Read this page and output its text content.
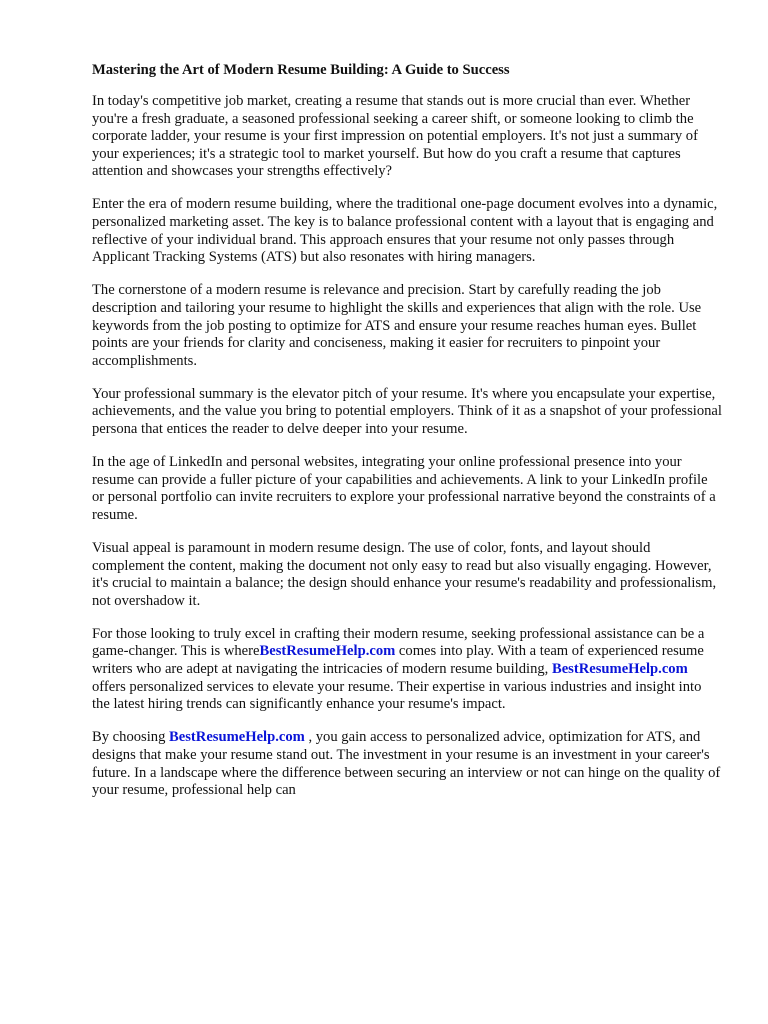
Mastering the Art of Modern Resume Building: A Guide to Success

In today's competitive job market, creating a resume that stands out is more crucial than ever. Whether you're a fresh graduate, a seasoned professional seeking a career shift, or someone looking to climb the corporate ladder, your resume is your first impression on potential employers. It's not just a summary of your experiences; it's a strategic tool to market yourself. But how do you craft a resume that captures attention and showcases your strengths effectively?

Enter the era of modern resume building, where the traditional one-page document evolves into a dynamic, personalized marketing asset. The key is to balance professional content with a layout that is engaging and reflective of your individual brand. This approach ensures that your resume not only passes through Applicant Tracking Systems (ATS) but also resonates with hiring managers.

The cornerstone of a modern resume is relevance and precision. Start by carefully reading the job description and tailoring your resume to highlight the skills and experiences that align with the role. Use keywords from the job posting to optimize for ATS and ensure your resume reaches human eyes. Bullet points are your friends for clarity and conciseness, making it easier for recruiters to pinpoint your accomplishments.

Your professional summary is the elevator pitch of your resume. It's where you encapsulate your expertise, achievements, and the value you bring to potential employers. Think of it as a snapshot of your professional persona that entices the reader to delve deeper into your resume.

In the age of LinkedIn and personal websites, integrating your online professional presence into your resume can provide a fuller picture of your capabilities and achievements. A link to your LinkedIn profile or personal portfolio can invite recruiters to explore your professional narrative beyond the constraints of a resume.

Visual appeal is paramount in modern resume design. The use of color, fonts, and layout should complement the content, making the document not only easy to read but also visually engaging. However, it's crucial to maintain a balance; the design should enhance your resume's readability and professionalism, not overshadow it.

For those looking to truly excel in crafting their modern resume, seeking professional assistance can be a game-changer. This is whereBestResumeHelp.com comes into play. With a team of experienced resume writers who are adept at navigating the intricacies of modern resume building, BestResumeHelp.com offers personalized services to elevate your resume. Their expertise in various industries and insight into the latest hiring trends can significantly enhance your resume's impact.

By choosing BestResumeHelp.com , you gain access to personalized advice, optimization for ATS, and designs that make your resume stand out. The investment in your resume is an investment in your career's future. In a landscape where the difference between securing an interview or not can hinge on the quality of your resume, professional help can
